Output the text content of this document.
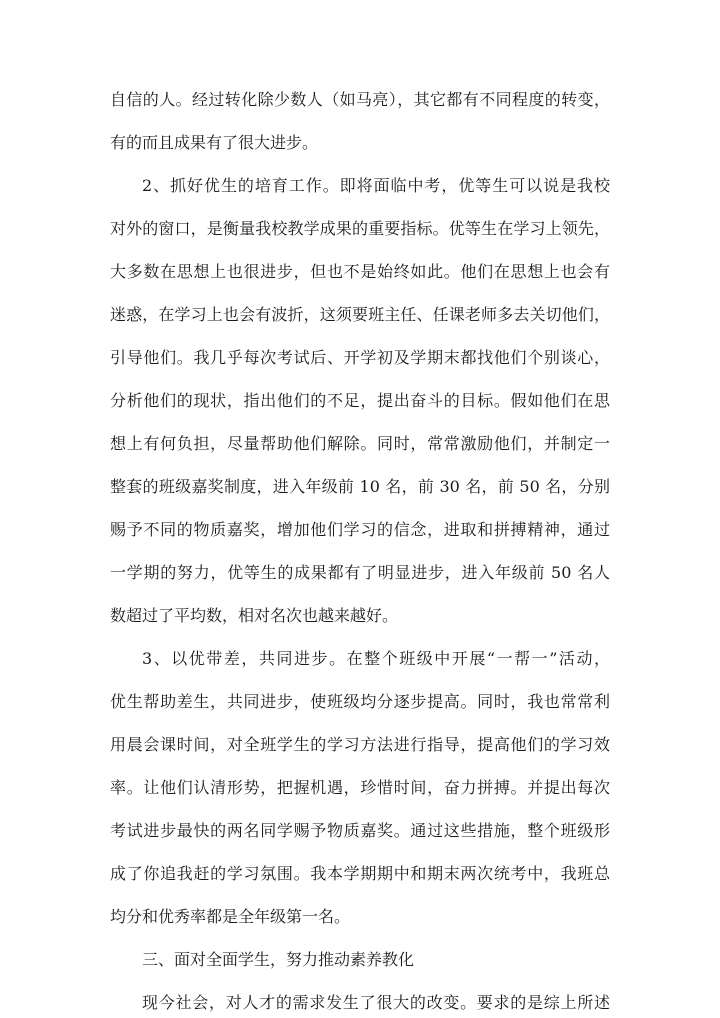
自信的人。经过转化除少数人（如马亮），其它都有不同程度的转变，
有的而且成果有了很大进步。
2、抓好优生的培育工作。即将面临中考，优等生可以说是我校
对外的窗口，是衡量我校教学成果的重要指标。优等生在学习上领先，
大多数在思想上也很进步，但也不是始终如此。他们在思想上也会有
迷惑，在学习上也会有波折，这须要班主任、任课老师多去关切他们，
引导他们。我几乎每次考试后、开学初及学期末都找他们个别谈心，
分析他们的现状，指出他们的不足，提出奋斗的目标。假如他们在思
想上有何负担，尽量帮助他们解除。同时，常常激励他们，并制定一
整套的班级嘉奖制度，进入年级前 10 名，前 30 名，前 50 名，分别
赐予不同的物质嘉奖，增加他们学习的信念，进取和拼搏精神，通过
一学期的努力，优等生的成果都有了明显进步，进入年级前 50 名人
数超过了平均数，相对名次也越来越好。
3、以优带差，共同进步。在整个班级中开展“一帮一”活动，
优生帮助差生，共同进步，使班级均分逐步提高。同时，我也常常利
用晨会课时间，对全班学生的学习方法进行指导，提高他们的学习效
率。让他们认清形势，把握机遇，珍惜时间，奋力拼搏。并提出每次
考试进步最快的两名同学赐予物质嘉奖。通过这些措施，整个班级形
成了你追我赶的学习氛围。我本学期期中和期末两次统考中，我班总
均分和优秀率都是全年级第一名。
三、面对全面学生，努力推动素养教化
现今社会，对人才的需求发生了很大的改变。要求的是综上所述
